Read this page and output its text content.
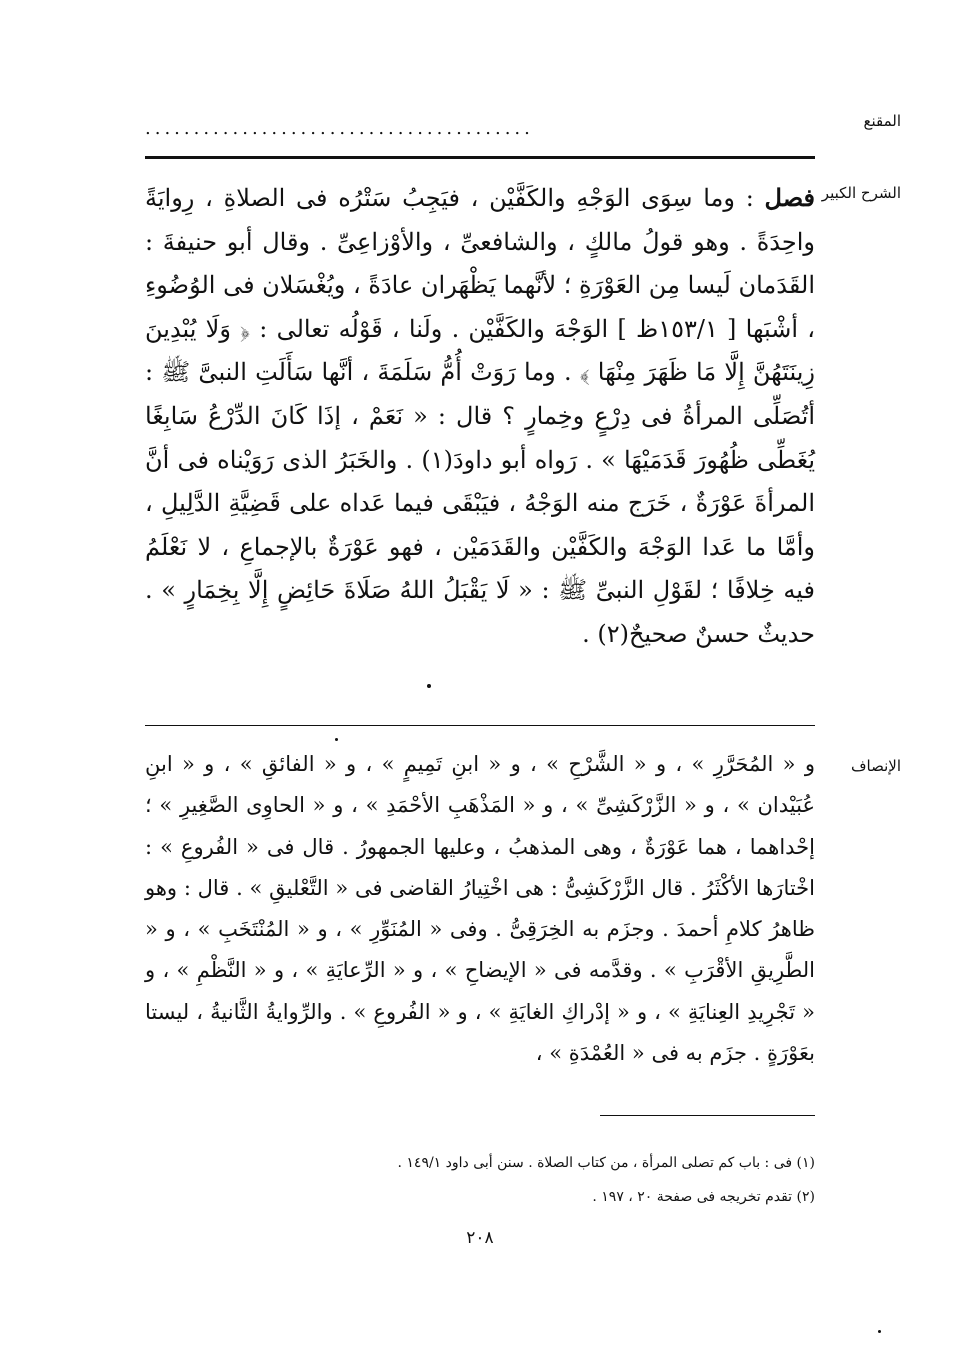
المقنع
........................................
الشرح الكبير

فصل : وما سِوَى الوَجْهِ والكَفَّيْن ، فيَجِبُ سَتْرُه فى الصلاةِ ، رِوايَةً واحِدَةً . وهو قولُ مالكٍ ، والشافعىِّ ، والأوْزاعِىِّ . وقال أبو حنيفةَ : القَدَمان لَيسا مِن العَوْرَةِ ؛ لأنَّهما يَظْهَران عادَةً ، ويُغْسَلان فى الوُضُوءِ ، أشْبَها [ ١٥٣/١ظ ] الوَجْهَ والكَفَّيْن . ولَنا ، قَوْلُه تعالى : ﴿ وَلَا يُبْدِينَ زِينَتَهُنَّ إِلَّا مَا ظَهَرَ مِنْهَا ﴾ . وما رَوَتْ أُمُّ سَلَمَةَ ، أنَّها سَأَلَتِ النبىَّ ﷺ : أتُصَلِّى المرأةُ فى دِرْعٍ وخِمارٍ ؟ قال : « نَعَمْ ، إذَا كَانَ الدِّرْعُ سَابِغًا يُغَطِّى ظُهُورَ قَدَمَيْهَا » . رَواه أبو داودَ(١) . والخَبَرُ الذى رَوَيْناه فى أنَّ المرأةَ عَوْرَةٌ ، خَرَج منه الوَجْهُ ، فيَبْقَى فيما عَداه على قَضِيَّةِ الدَّلِيلِ ، وأمَّا ما عَدا الوَجْهَ والكَفَّيْن والقَدَمَيْن ، فهو عَوْرَةٌ بالإجماعِ ، لا نَعْلَمُ فيه خِلافًا ؛ لقَوْلِ النبىِّ ﷺ : « لَا يَقْبَلُ اللهُ صَلَاةَ حَائِضٍ إِلَّا بِخِمَارٍ » . حديثٌ حسنٌ صحيحٌ(٢) .

الإنصاف

و « المُحَرَّرِ » ، و « الشَّرْحِ » ، و « ابنِ تَمِيمٍ » ، و « الفائقِ » ، و « ابنِ عُبَيْدان » ، و « الزَّرْكَشِىِّ » ، و « المَذْهَبِ الأحْمَدِ » ، و « الحاوِى الصَّغِيرِ » ؛ إحْداهما ، هما عَوْرَةٌ ، وهى المذهبُ ، وعليها الجمهورُ . قال فى « الفُروعِ » : اخْتارَها الأكْثَرُ . قال الزَّرْكَشِىُّ : هى اخْتِيارُ القاضى فى « التَّعْليقِ » . قال : وهو ظاهرُ كلامِ أحمدَ . وجزَم به الخِرَقِىُّ . وفى « المُنَوِّرِ » ، و « المُنْتَخَبِ » ، و « الطَّرِيقِ الأقْرَبِ » . وقدَّمه فى « الإيضاحِ » ، و « الرِّعايَةِ » ، و « النَّظْمِ » ، و « تَجْرِيدِ العِنايَةِ » ، و « إدْراكِ الغايَةِ » ، و « الفُروعِ » . والرِّوايةُ الثَّانيةُ ، ليستا بعَوْرَةٍ . جزَم به فى « العُمْدَةِ » ،

(١) فى : باب كم تصلى المرأة ، من كتاب الصلاة . سنن أبى داود ١٤٩/١ .
(٢) تقدم تخريجه فى صفحة ٢٠ ، ١٩٧ .
٢٠٨
